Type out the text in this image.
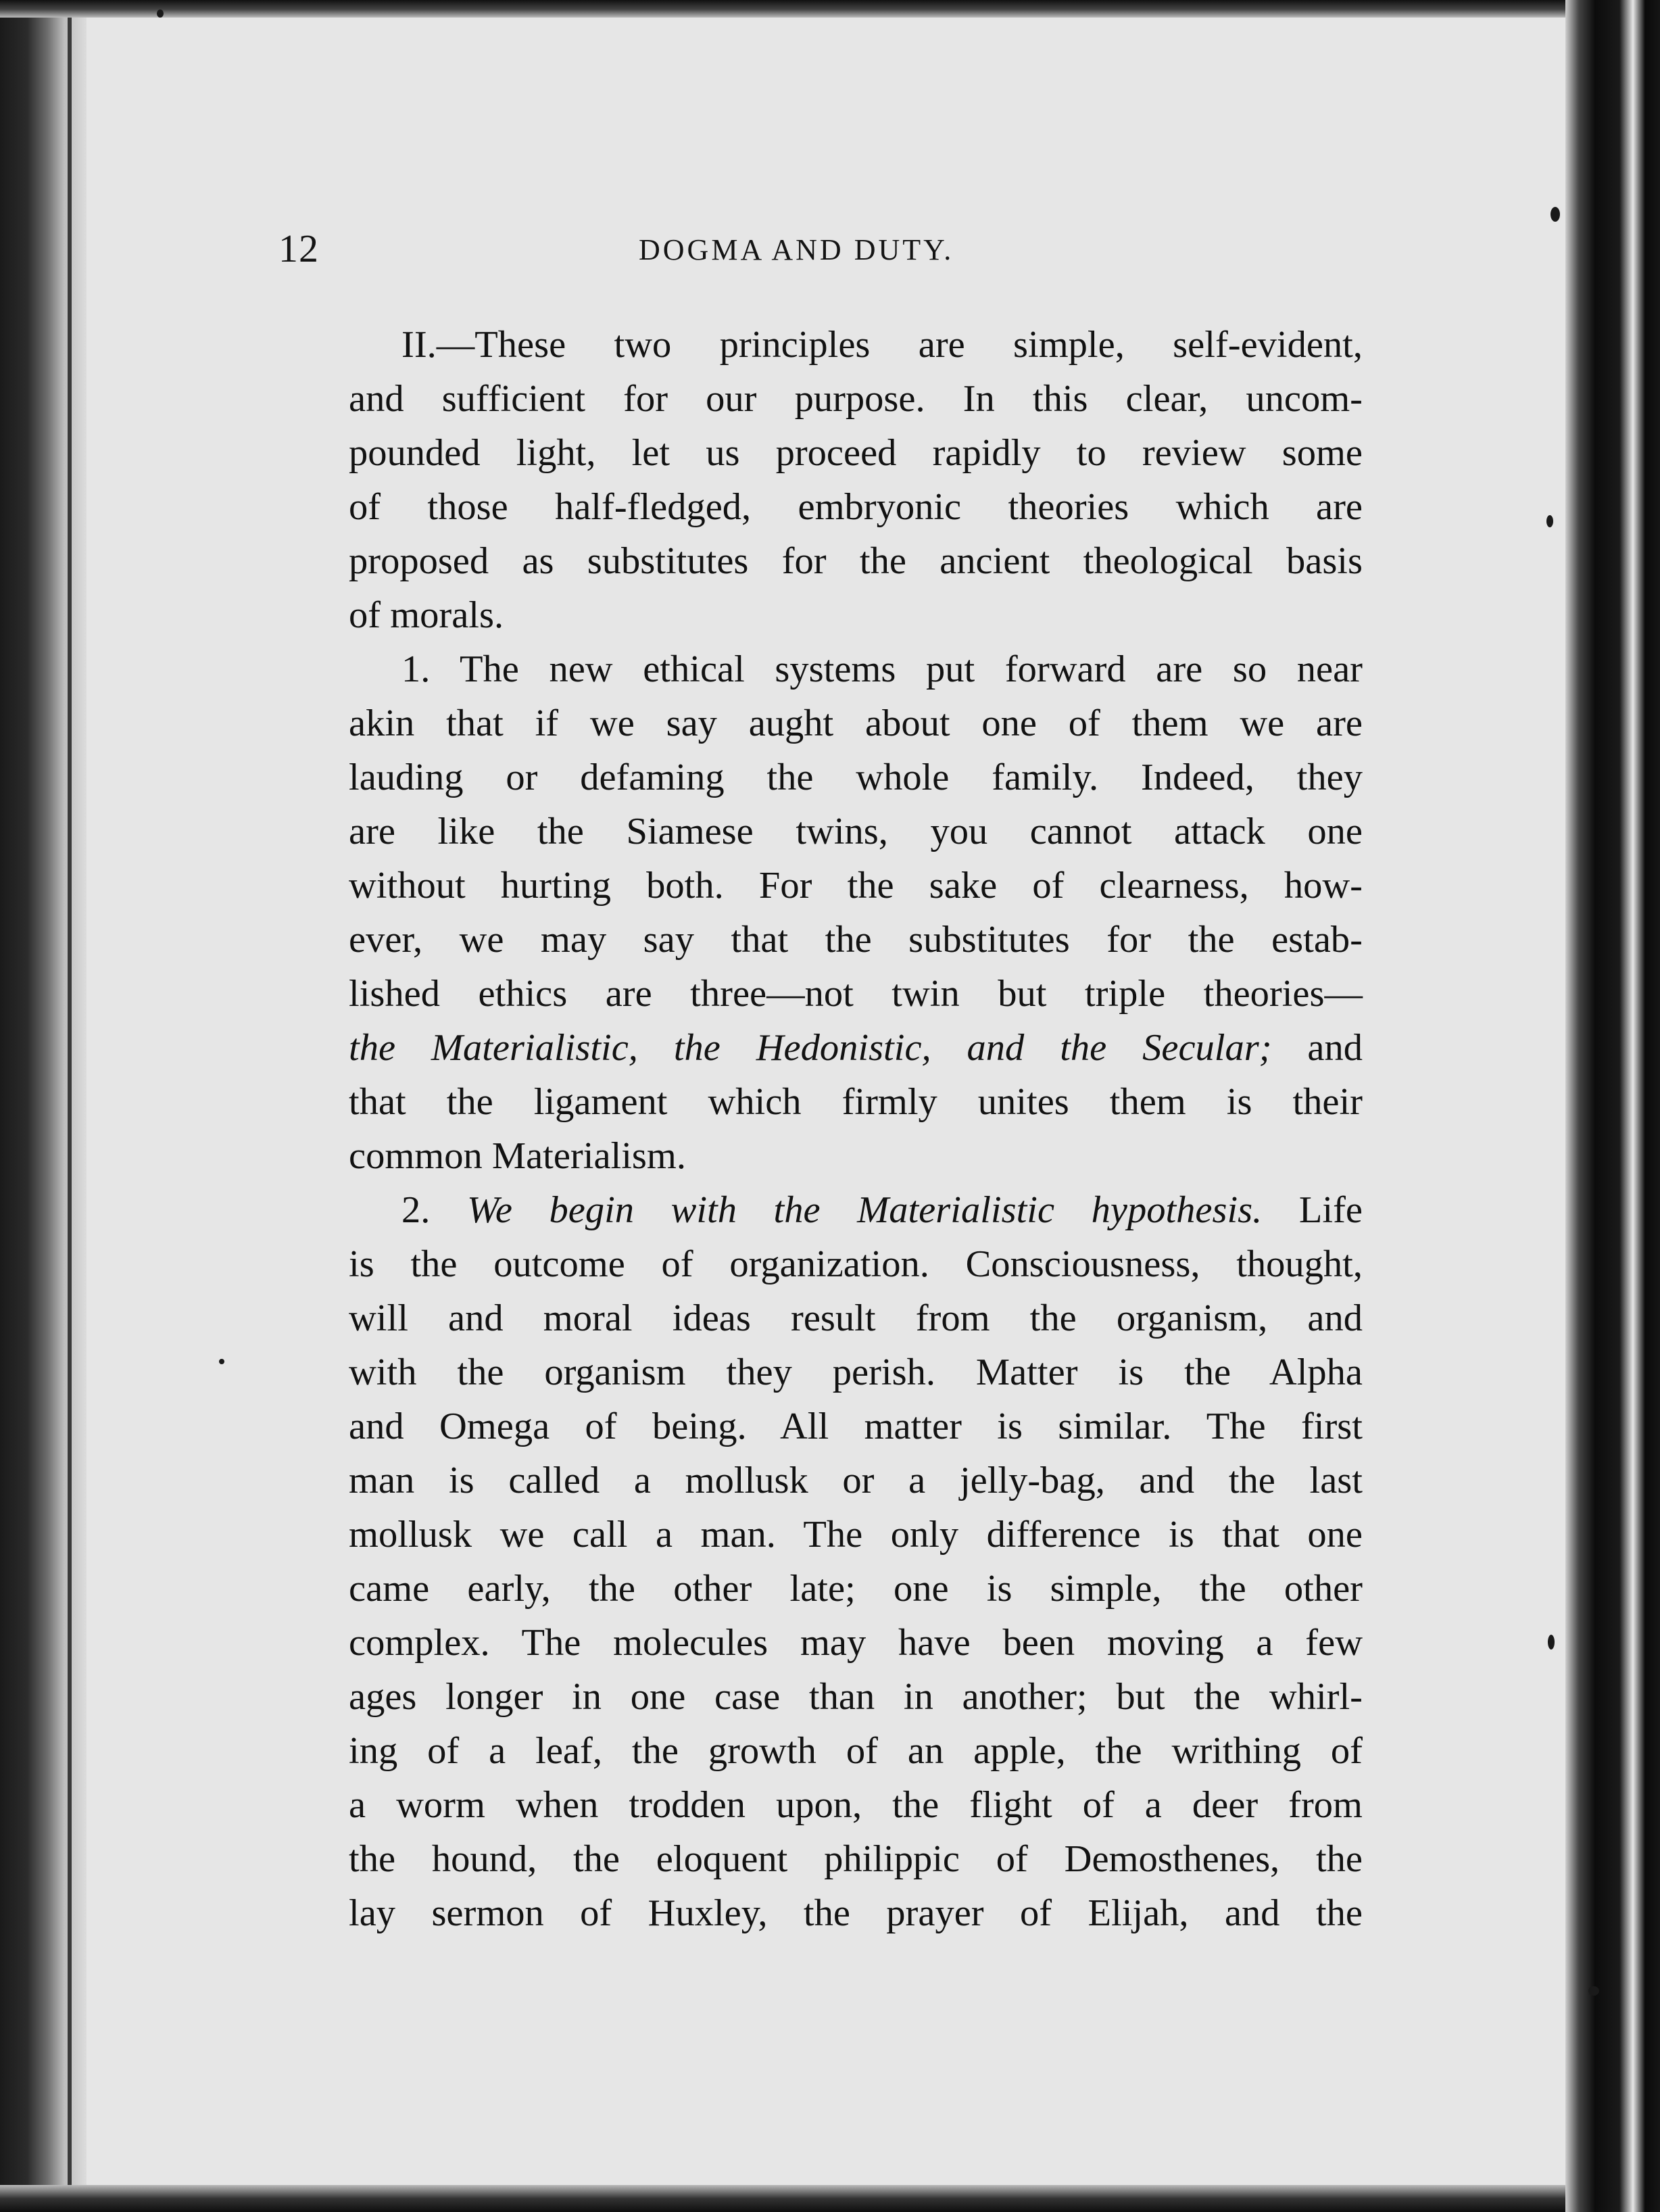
12	DOGMA AND DUTY.
II.—These two principles are simple, self-evident,
and sufficient for our purpose. In this clear, uncom-
pounded light, let us proceed rapidly to review some
of those half-fledged, embryonic theories which are
proposed as substitutes for the ancient theological basis
of morals.
1. The new ethical systems put forward are so near
akin that if we say aught about one of them we are
lauding or defaming the whole family. Indeed, they
are like the Siamese twins, you cannot attack one
without hurting both. For the sake of clearness, how-
ever, we may say that the substitutes for the estab-
lished ethics are three—not twin but triple theories—
the Materialistic, the Hedonistic, and the Secular; and
that the ligament which firmly unites them is their
common Materialism.
2. We begin with the Materialistic hypothesis. Life
is the outcome of organization. Consciousness, thought,
will and moral ideas result from the organism, and
with the organism they perish. Matter is the Alpha
and Omega of being. All matter is similar. The first
man is called a mollusk or a jelly-bag, and the last
mollusk we call a man. The only difference is that one
came early, the other late; one is simple, the other
complex. The molecules may have been moving a few
ages longer in one case than in another; but the whirl-
ing of a leaf, the growth of an apple, the writhing of
a worm when trodden upon, the flight of a deer from
the hound, the eloquent philippic of Demosthenes, the
lay sermon of Huxley, the prayer of Elijah, and the
